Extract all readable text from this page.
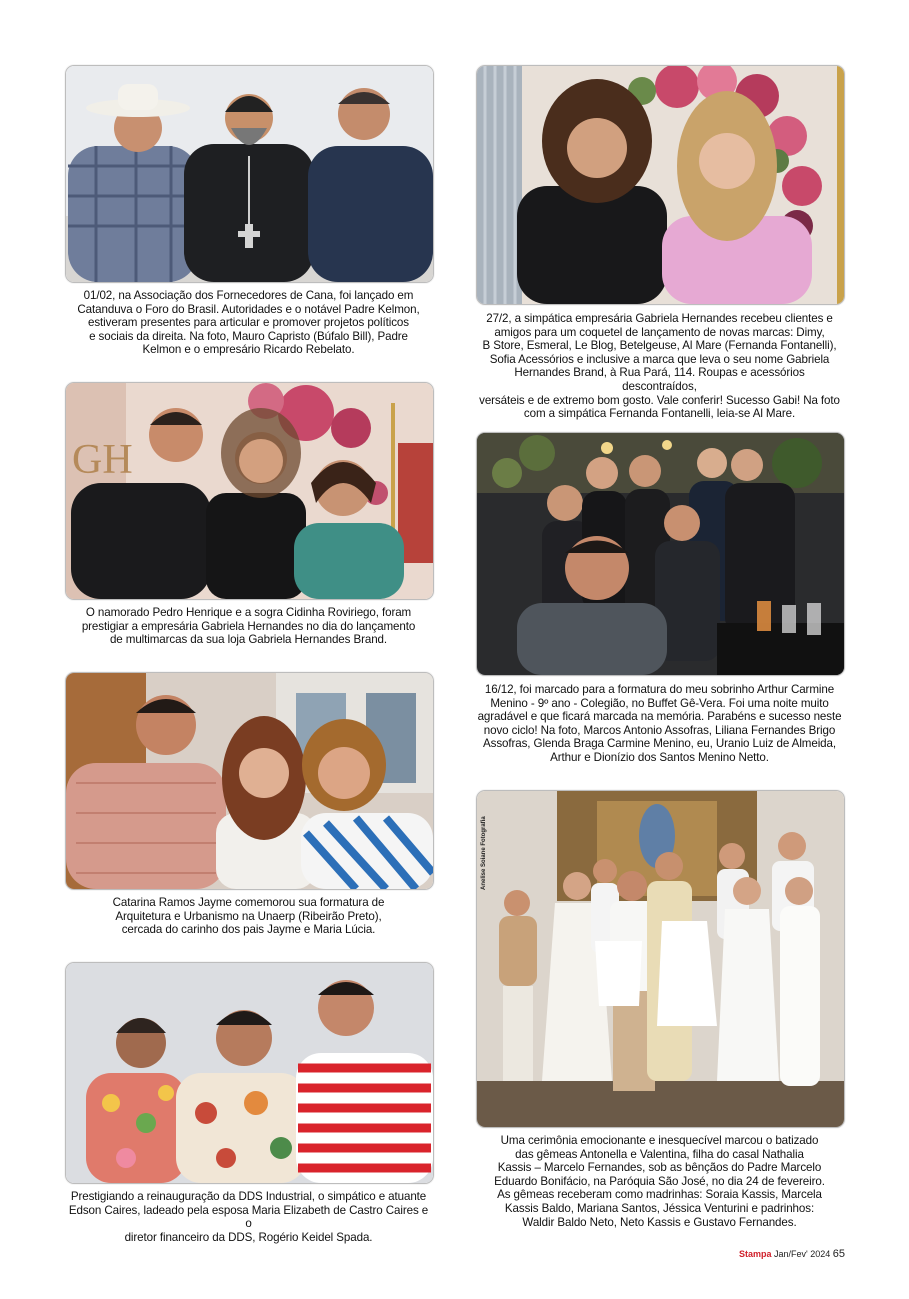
01/02, na Associação dos Fornecedores de Cana, foi lançado em
Catanduva o Foro do Brasil. Autoridades e o notável Padre Kelmon,
estiveram presentes para articular e promover projetos políticos
e sociais da direita. Na foto, Mauro Capristo (Búfalo Bill), Padre
Kelmon e o empresário Ricardo Rebelato.
GH
O namorado Pedro Henrique e a sogra Cidinha Roviriego, foram
prestigiar a empresária Gabriela Hernandes no dia do lançamento
de multimarcas da sua loja Gabriela Hernandes Brand.
Catarina Ramos Jayme comemorou sua formatura de
Arquitetura e Urbanismo na Unaerp (Ribeirão Preto),
cercada do carinho dos pais Jayme e Maria Lúcia.
Prestigiando a reinauguração da DDS Industrial, o simpático e atuante
Edson Caires, ladeado pela esposa Maria Elizabeth de Castro Caires e o
diretor financeiro da DDS, Rogério Keidel Spada.
27/2, a simpática empresária Gabriela Hernandes recebeu clientes e
amigos para um coquetel de lançamento de novas marcas: Dimy,
B Store, Esmeral, Le Blog, Betelgeuse, Al Mare (Fernanda Fontanelli),
Sofia Acessórios e inclusive a marca que leva o seu nome Gabriela
Hernandes Brand, à Rua Pará, 114. Roupas e acessórios descontraídos,
versáteis e de extremo bom gosto. Vale conferir! Sucesso Gabi! Na foto
com a simpática Fernanda Fontanelli, leia-se Al Mare.
16/12, foi marcado para a formatura do meu sobrinho Arthur Carmine
Menino - 9º ano - Colegião, no Buffet Gê-Vera. Foi uma noite muito
agradável e que ficará marcada na memória. Parabéns e sucesso neste
novo ciclo! Na foto, Marcos Antonio Assofras, Liliana Fernandes Brigo
Assofras, Glenda Braga Carmine Menino, eu, Uranio Luiz de Almeida,
Arthur e Dionízio dos Santos Menino Netto.
Anelise Soiane Fotografia
Uma cerimônia emocionante e inesquecível marcou o batizado
das gêmeas Antonella e Valentina, filha do casal Nathalia
Kassis – Marcelo Fernandes, sob as bênçãos do Padre Marcelo
Eduardo Bonifácio, na Paróquia São José, no dia 24 de fevereiro.
As gêmeas receberam como madrinhas: Soraia Kassis, Marcela
Kassis Baldo, Mariana Santos, Jéssica Venturini e padrinhos:
Waldir Baldo Neto, Neto Kassis e Gustavo Fernandes.
Stampa Jan/Fev' 2024 65
